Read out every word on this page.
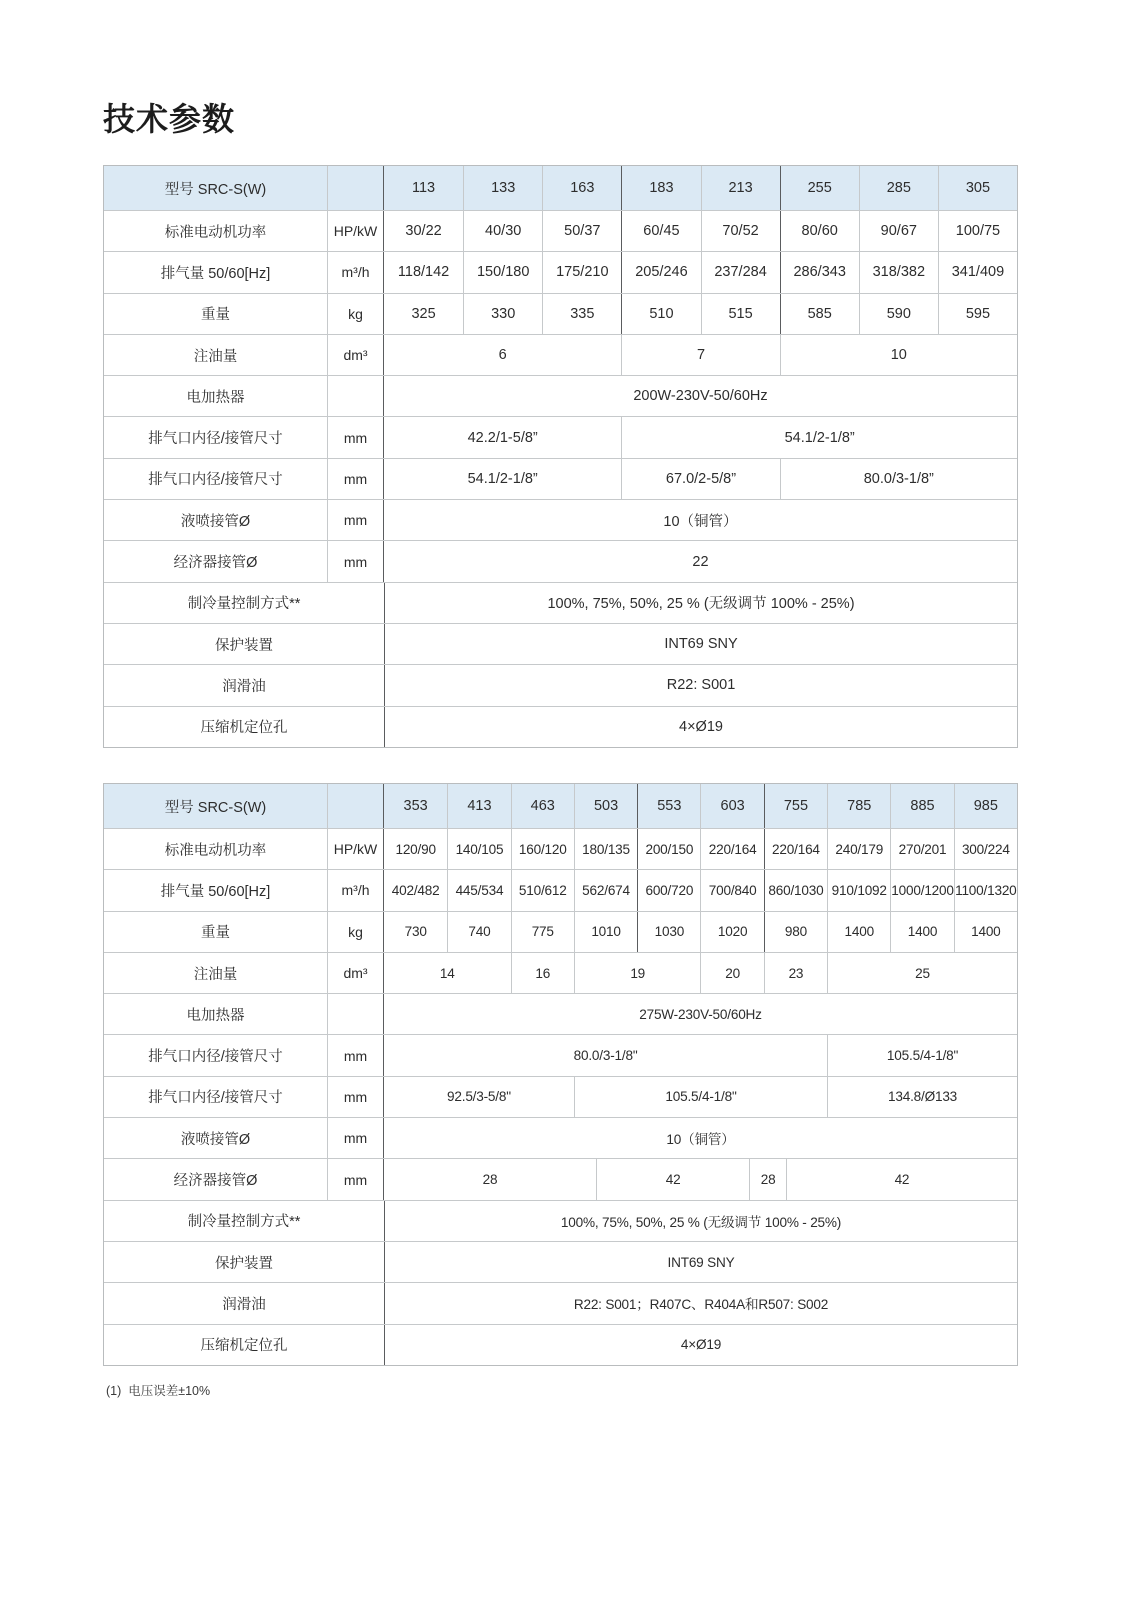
技术参数
型号 SRC-S(W)	113	133	163	183	213	255	285	305
标准电动机功率	HP/kW	30/22	40/30	50/37	60/45	70/52	80/60	90/67	100/75
排气量 50/60[Hz]	m³/h	118/142	150/180	175/210	205/246	237/284	286/343	318/382	341/409
重量	kg	325	330	335	510	515	585	590	595
注油量	dm³	6	7	10
电加热器	200W-230V-50/60Hz
排气口内径/接管尺寸	mm	42.2/1-5/8”	54.1/2-1/8”
排气口内径/接管尺寸	mm	54.1/2-1/8”	67.0/2-5/8”	80.0/3-1/8”
液喷接管Ø	mm	10（铜管）
经济器接管Ø	mm	22
制冷量控制方式**	100%, 75%, 50%, 25 % (无级调节 100% - 25%)
保护装置	INT69 SNY
润滑油	R22: S001
压缩机定位孔	4×Ø19
型号 SRC-S(W)	353	413	463	503	553	603	755	785	885	985
标准电动机功率	HP/kW	120/90	140/105	160/120	180/135	200/150	220/164	220/164	240/179	270/201	300/224
排气量 50/60[Hz]	m³/h	402/482	445/534	510/612	562/674	600/720	700/840 860/1030 910/1092 1000/1200 1100/1320
重量	kg	730	740	775	1010	1030	1020	980	1400	1400	1400
注油量	dm³	14	16	19	20	23	25
电加热器	275W-230V-50/60Hz
排气口内径/接管尺寸	mm	80.0/3-1/8"	105.5/4-1/8"
排气口内径/接管尺寸	mm	92.5/3-5/8"	105.5/4-1/8"	134.8/Ø133
液喷接管Ø	mm	10（铜管）
经济器接管Ø	mm	28	42	28	42
制冷量控制方式**	100%, 75%, 50%, 25 % (无级调节 100% - 25%)
保护装置	INT69 SNY
润滑油	R22: S001；R407C、R404A和R507: S002
压缩机定位孔	4×Ø19
(1)  电压误差±10%
